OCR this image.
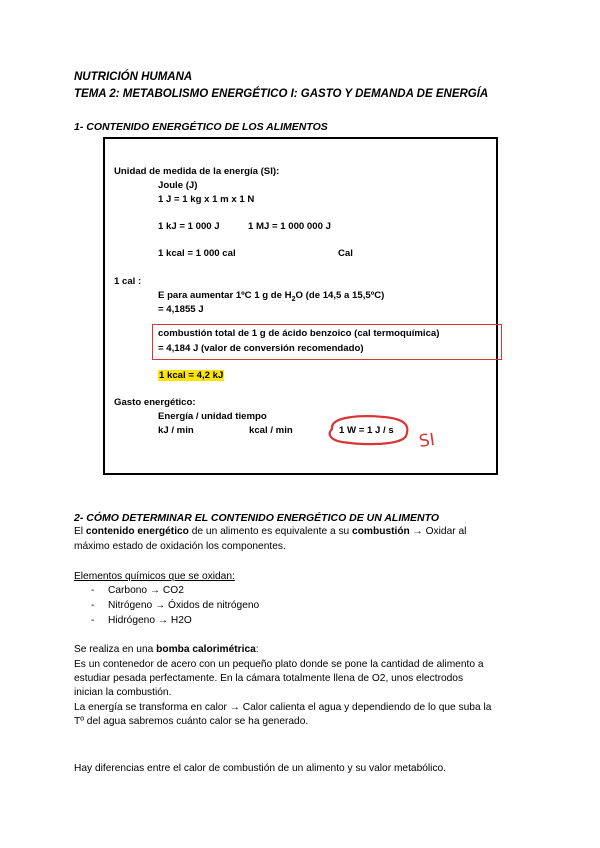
NUTRICIÓN HUMANA
TEMA 2: METABOLISMO ENERGÉTICO I: GASTO Y DEMANDA DE ENERGÍA
1- CONTENIDO ENERGÉTICO DE LOS ALIMENTOS
Unidad de medida de la energía (SI):
Joule (J)
1 J = 1 kg x 1 m x 1 N
1 kJ = 1 000 J	1 MJ = 1 000 000 J
1 kcal = 1 000 cal	Cal
1 cal :
E para aumentar 1ºC 1 g de $H_2O$ (de 14,5 a 15,5ºC)
= 4,1855 J
combustión total de 1 g de ácido benzoico (cal termoquímica)
= 4,184 J (valor de conversión recomendado)
1 kcal = 4,2 kJ
Gasto energético:
Energía / unidad tiempo
kJ / min	kcal / min	1 W = 1 J / s SI
2- CÓMO DETERMINAR EL CONTENIDO ENERGÉTICO DE UN ALIMENTO
El contenido energético de un alimento es equivalente a su combustión → Oxidar al
máximo estado de oxidación los componentes.
Elementos químicos que se oxidan:
- Carbono → CO2
- Nitrógeno → Óxidos de nitrógeno
- Hidrógeno → H2O
Se realiza en una bomba calorimétrica:
Es un contenedor de acero con un pequeño plato donde se pone la cantidad de alimento a
estudiar pesada perfectamente. En la cámara totalmente llena de O2, unos electrodos
inician la combustión.
La energía se transforma en calor → Calor calienta el agua y dependiendo de lo que suba la
Tº del agua sabremos cuánto calor se ha generado.
Hay diferencias entre el calor de combustión de un alimento y su valor metabólico.
